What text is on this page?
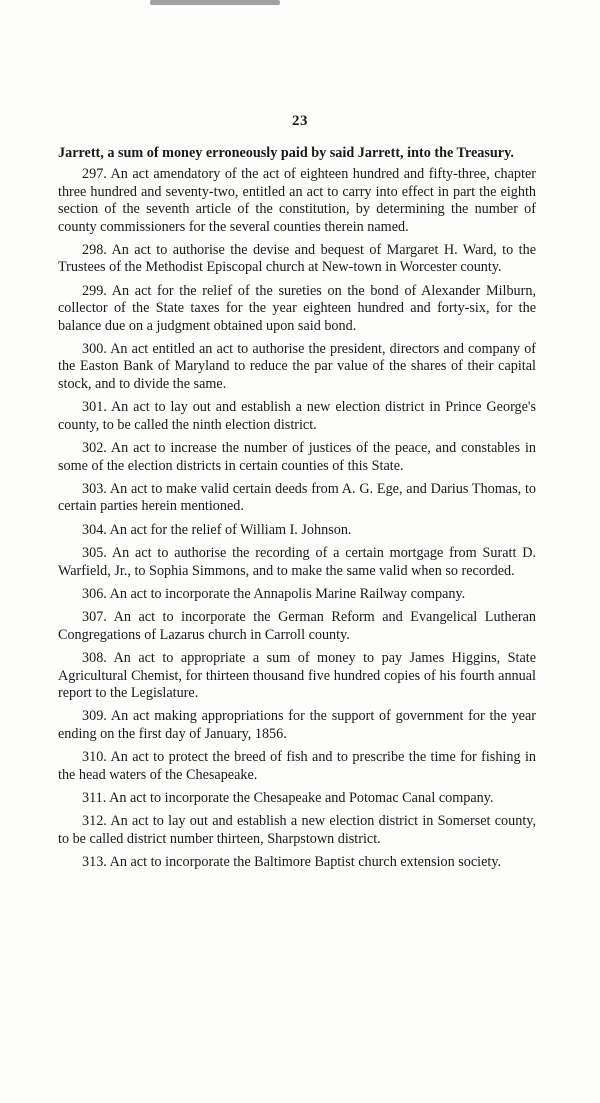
23

Jarrett, a sum of money erroneously paid by said Jarrett, into the Treasury.

297. An act amendatory of the act of eighteen hundred and fifty-three, chapter three hundred and seventy-two, entitled an act to carry into effect in part the eighth section of the seventh article of the constitution, by determining the number of county commissioners for the several counties therein named.

298. An act to authorise the devise and bequest of Margaret H. Ward, to the Trustees of the Methodist Episcopal church at New-town in Worcester county.

299. An act for the relief of the sureties on the bond of Alexander Milburn, collector of the State taxes for the year eighteen hundred and forty-six, for the balance due on a judgment obtained upon said bond.

300. An act entitled an act to authorise the president, directors and company of the Easton Bank of Maryland to reduce the par value of the shares of their capital stock, and to divide the same.

301. An act to lay out and establish a new election district in Prince George's county, to be called the ninth election district.

302. An act to increase the number of justices of the peace, and constables in some of the election districts in certain counties of this State.

303. An act to make valid certain deeds from A. G. Ege, and Darius Thomas, to certain parties herein mentioned.

304. An act for the relief of William I. Johnson.

305. An act to authorise the recording of a certain mortgage from Suratt D. Warfield, Jr., to Sophia Simmons, and to make the same valid when so recorded.

306. An act to incorporate the Annapolis Marine Railway company.

307. An act to incorporate the German Reform and Evangelical Lutheran Congregations of Lazarus church in Carroll county.

308. An act to appropriate a sum of money to pay James Higgins, State Agricultural Chemist, for thirteen thousand five hundred copies of his fourth annual report to the Legislature.

309. An act making appropriations for the support of government for the year ending on the first day of January, 1856.

310. An act to protect the breed of fish and to prescribe the time for fishing in the head waters of the Chesapeake.

311. An act to incorporate the Chesapeake and Potomac Canal company.

312. An act to lay out and establish a new election district in Somerset county, to be called district number thirteen, Sharpstown district.

313. An act to incorporate the Baltimore Baptist church extension society.
